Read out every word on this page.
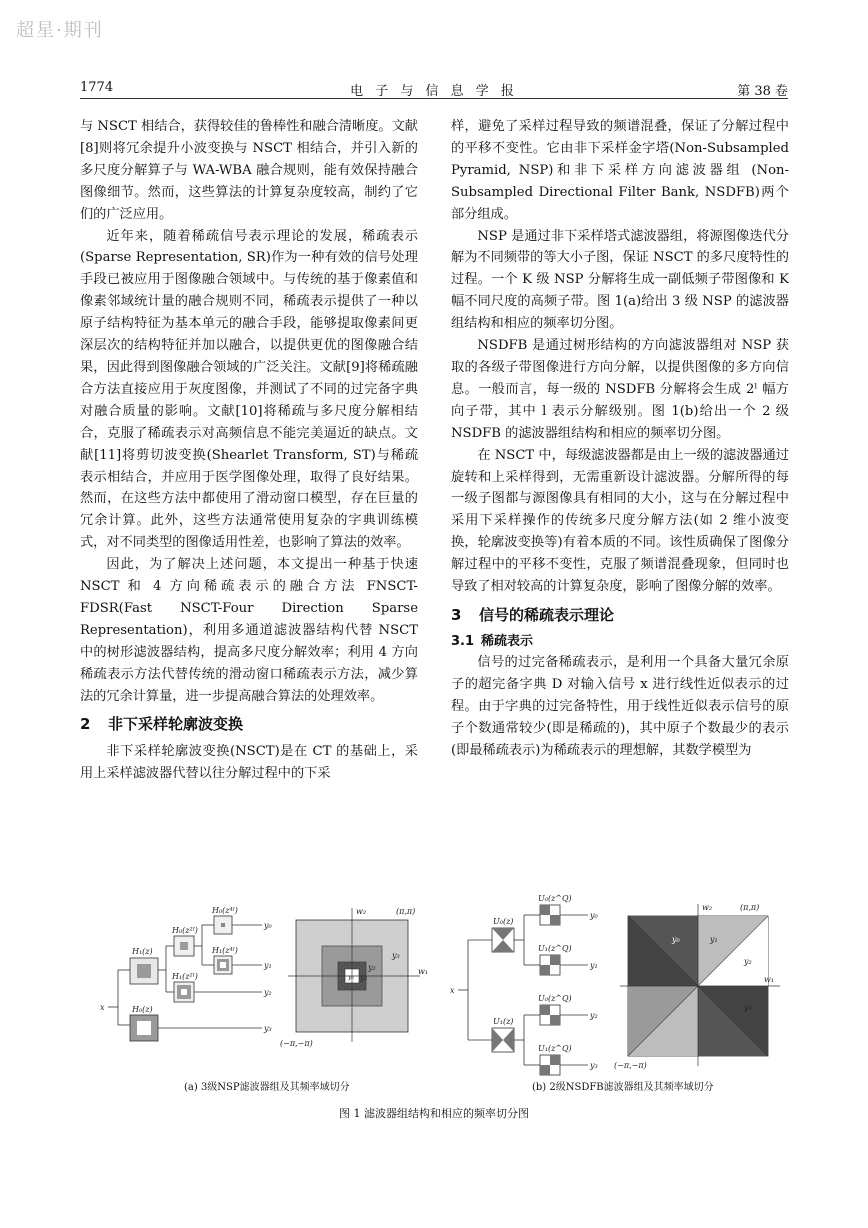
超星·期刊
1774	电 子 与 信 息 学 报	第 38 卷

与 NSCT 相结合，获得较佳的鲁棒性和融合清晰度。文献[8]则将冗余提升小波变换与 NSCT 相结合，并引入新的多尺度分解算子与 WA-WBA 融合规则，能有效保持融合图像细节。然而，这些算法的计算复杂度较高，制约了它们的广泛应用。

近年来，随着稀疏信号表示理论的发展，稀疏表示(Sparse Representation, SR)作为一种有效的信号处理手段已被应用于图像融合领域中。与传统的基于像素值和像素邻域统计量的融合规则不同，稀疏表示提供了一种以原子结构特征为基本单元的融合手段，能够提取像素间更深层次的结构特征并加以融合，以提供更优的图像融合结果，因此得到图像融合领域的广泛关注。文献[9]将稀疏融合方法直接应用于灰度图像，并测试了不同的过完备字典对融合质量的影响。文献[10]将稀疏与多尺度分解相结合，克服了稀疏表示对高频信息不能完美逼近的缺点。文献[11]将剪切波变换(Shearlet Transform, ST)与稀疏表示相结合，并应用于医学图像处理，取得了良好结果。然而，在这些方法中都使用了滑动窗口模型，存在巨量的冗余计算。此外，这些方法通常使用复杂的字典训练模式，对不同类型的图像适用性差，也影响了算法的效率。

因此，为了解决上述问题，本文提出一种基于快速 NSCT 和 4 方向稀疏表示的融合方法 FNSCT-FDSR(Fast NSCT-Four Direction Sparse Representation)，利用多通道滤波器结构代替 NSCT 中的树形滤波器结构，提高多尺度分解效率；利用 4 方向稀疏表示方法代替传统的滑动窗口稀疏表示方法，减少算法的冗余计算量，进一步提高融合算法的处理效率。

2 非下采样轮廓波变换

非下采样轮廓波变换(NSCT)是在 CT 的基础上，采用上采样滤波器代替以往分解过程中的下采

样，避免了采样过程导致的频谱混叠，保证了分解过程中的平移不变性。它由非下采样金字塔(Non-Subsampled Pyramid, NSP)和非下采样方向滤波器组 (Non-Subsampled Directional Filter Bank, NSDFB)两个部分组成。

NSP 是通过非下采样塔式滤波器组，将源图像迭代分解为不同频带的等大小子图，保证 NSCT 的多尺度特性的过程。一个 K 级 NSP 分解将生成一副低频子带图像和 K 幅不同尺度的高频子带。图 1(a)给出 3 级 NSP 的滤波器组结构和相应的频率切分图。

NSDFB 是通过树形结构的方向滤波器组对 NSP 获取的各级子带图像进行方向分解，以提供图像的多方向信息。一般而言，每一级的 NSDFB 分解将会生成 2ˡ 幅方向子带，其中 l 表示分解级别。图 1(b)给出一个 2 级 NSDFB 的滤波器组结构和相应的频率切分图。

在 NSCT 中，每级滤波器都是由上一级的滤波器通过旋转和上采样得到，无需重新设计滤波器。分解所得的每一级子图都与源图像具有相同的大小，这与在分解过程中采用下采样操作的传统多尺度分解方法(如 2 维小波变换，轮廓波变换等)有着本质的不同。该性质确保了图像分解过程中的平移不变性，克服了频谱混叠现象，但同时也导致了相对较高的计算复杂度，影响了图像分解的效率。

3 信号的稀疏表示理论
3.1 稀疏表示

信号的过完备稀疏表示，是利用一个具备大量冗余原子的超完备字典 D 对输入信号 x 进行线性近似表示的过程。由于字典的过完备特性，用于线性近似表示信号的原子个数通常较少(即是稀疏的)，其中原子个数最少的表示(即最稀疏表示)为稀疏表示的理想解，其数学模型为

x
H₁(z)
H₀(z)
H₀(z²ᴵ)
H₁(z²ᴵ)
H₀(z⁴ᴵ)
H₁(z⁴ᴵ)
y₀
y₁
y₂
y₃
w₂
w₁
(π,π)
(−π,−π)
y₃
y₂
y₁
y₀
x
U₀(z)
U₁(z)
U₀(z^Q)
U₁(z^Q)
U₀(z^Q)
U₁(z^Q)
y₀
y₁
y₂
y₃
w₂
w₁
(π,π)
(−π,−π)
y₀	y₁
y₂
y₃
(a) 3级NSP滤波器组及其频率域切分	(b) 2级NSDFB滤波器组及其频率域切分
图 1 滤波器组结构和相应的频率切分图
